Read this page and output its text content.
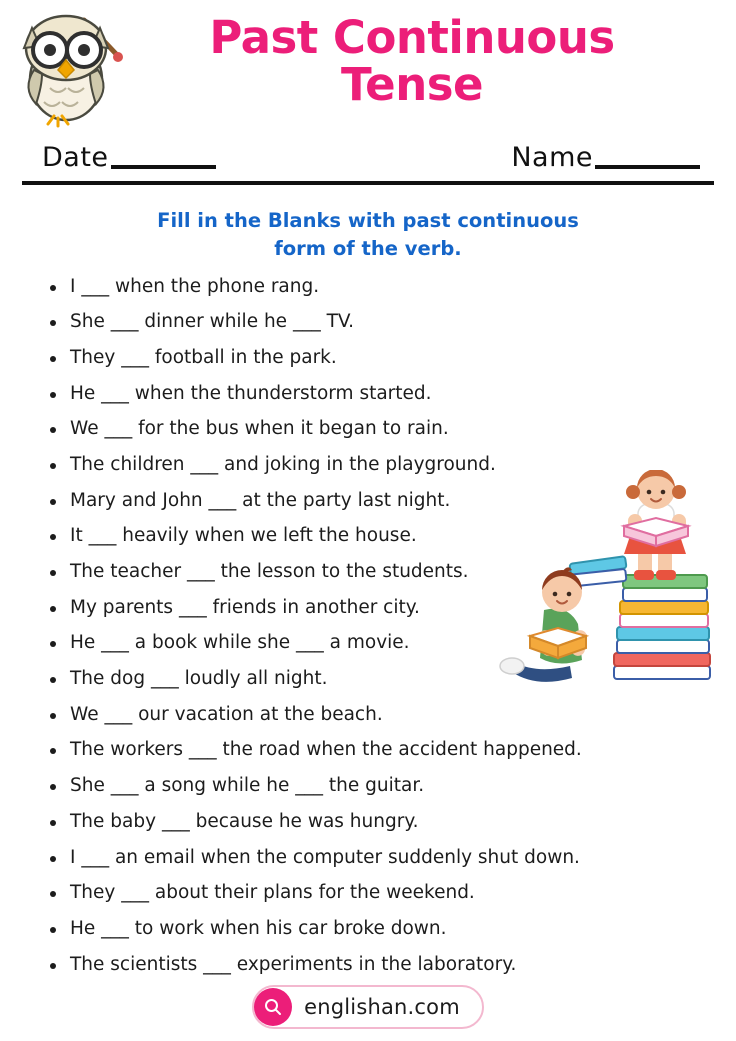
Past Continuous
Tense
Date	Name
Fill in the Blanks with past continuous
form of the verb.
I ___ when the phone rang.
She ___ dinner while he ___ TV.
They ___ football in the park.
He ___ when the thunderstorm started.
We ___ for the bus when it began to rain.
The children ___ and joking in the playground.
Mary and John ___ at the party last night.
It ___ heavily when we left the house.
The teacher ___ the lesson to the students.
My parents ___ friends in another city.
He ___ a book while she ___ a movie.
The dog ___ loudly all night.
We ___ our vacation at the beach.
The workers ___ the road when the accident happened.
She ___ a song while he ___ the guitar.
The baby ___ because he was hungry.
I ___ an email when the computer suddenly shut down.
They ___ about their plans for the weekend.
He ___ to work when his car broke down.
The scientists ___ experiments in the laboratory.
englishan.com
